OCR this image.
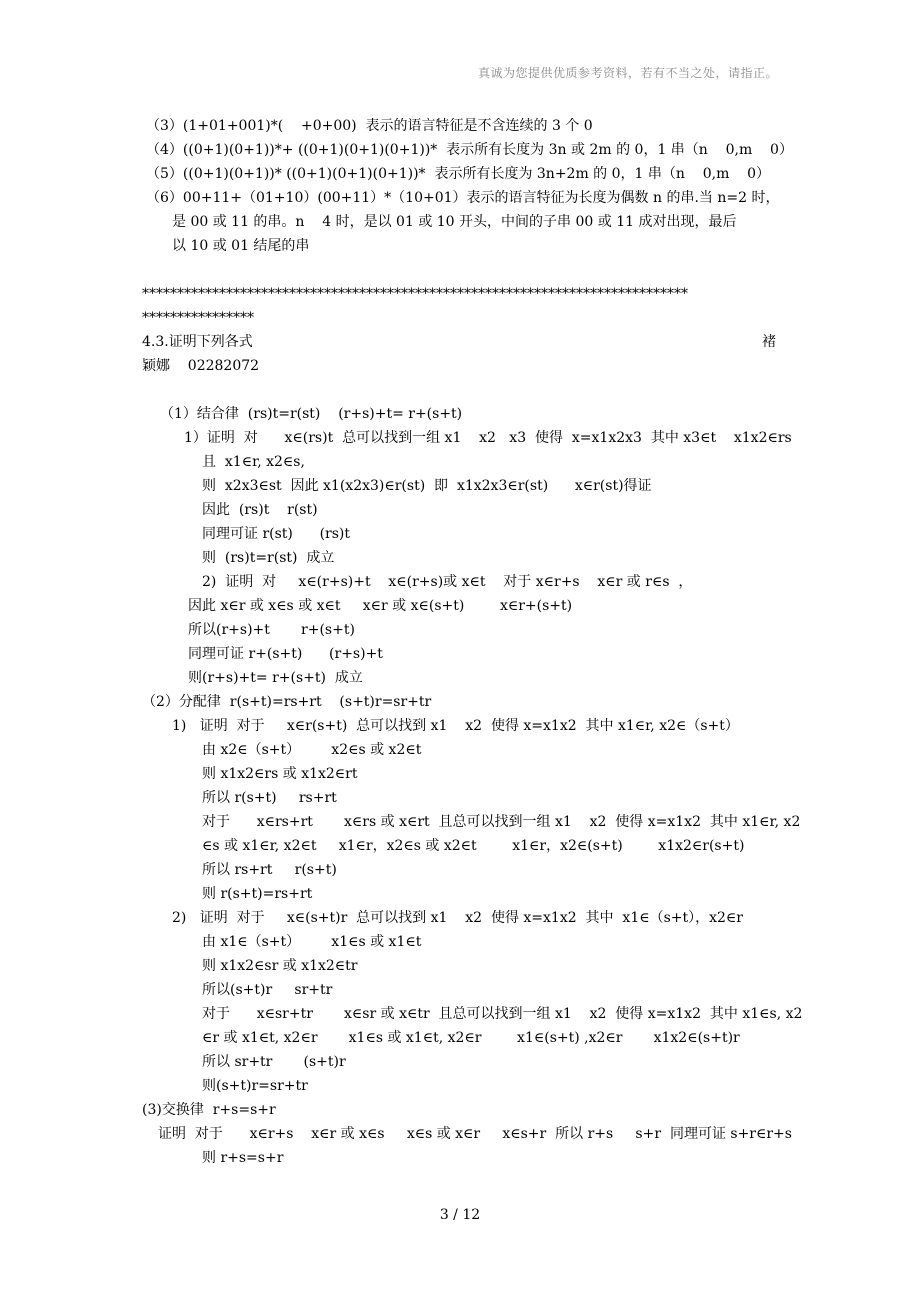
真诚为您提供优质参考资料，若有不当之处，请指正。
（3）(1+01+001)*(    +0+00)  表示的语言特征是不含连续的 3 个 0
（4）((0+1)(0+1))*+ ((0+1)(0+1)(0+1))*  表示所有长度为 3n 或 2m 的 0，1 串（n    0,m    0）
（5）((0+1)(0+1))* ((0+1)(0+1)(0+1))*  表示所有长度为 3n+2m 的 0，1 串（n    0,m    0）
（6）00+11+（01+10）(00+11）*（10+01）表示的语言特征为长度为偶数 n 的串.当 n=2 时，
是 00 或 11 的串。n    4 时，是以 01 或 10 开头，中间的子串 00 或 11 成对出现，最后
以 10 或 01 结尾的串
******************************************************************************
****************
4.3.证明下列各式	褚
颖娜    02282072
（1）结合律  (rs)t=r(st)    (r+s)+t= r+(s+t)
1）证明  对      x∈(rs)t  总可以找到一组 x1    x2   x3  使得  x=x1x2x3  其中 x3∈t    x1x2∈rs
且  x1∈r, x2∈s,
则  x2x3∈st  因此 x1(x2x3)∈r(st)  即  x1x2x3∈r(st)      x∈r(st)得证
因此  (rs)t    r(st)
同理可证 r(st)      (rs)t
则  (rs)t=r(st)  成立
2)  证明  对     x∈(r+s)+t    x∈(r+s)或 x∈t    对于 x∈r+s    x∈r 或 r∈s  ，
因此 x∈r 或 x∈s 或 x∈t     x∈r 或 x∈(s+t)        x∈r+(s+t)
所以(r+s)+t       r+(s+t)
同理可证 r+(s+t)      (r+s)+t
则(r+s)+t= r+(s+t)  成立
（2）分配律  r(s+t)=rs+rt    (s+t)r=sr+tr
1)   证明  对于     x∈r(s+t)  总可以找到 x1    x2  使得 x=x1x2  其中 x1∈r, x2∈（s+t）
由 x2∈（s+t）       x2∈s 或 x2∈t
则 x1x2∈rs 或 x1x2∈rt
所以 r(s+t)     rs+rt
对于      x∈rs+rt       x∈rs 或 x∈rt  且总可以找到一组 x1    x2  使得 x=x1x2  其中 x1∈r, x2
∈s 或 x1∈r, x2∈t     x1∈r，x2∈s 或 x2∈t        x1∈r，x2∈(s+t)        x1x2∈r(s+t)
所以 rs+rt     r(s+t)
则 r(s+t)=rs+rt
2)   证明  对于     x∈(s+t)r  总可以找到 x1    x2  使得 x=x1x2  其中  x1∈（s+t），x2∈r
由 x1∈（s+t）       x1∈s 或 x1∈t
则 x1x2∈sr 或 x1x2∈tr
所以(s+t)r     sr+tr
对于      x∈sr+tr       x∈sr 或 x∈tr  且总可以找到一组 x1    x2  使得 x=x1x2  其中 x1∈s, x2
∈r 或 x1∈t, x2∈r       x1∈s 或 x1∈t, x2∈r        x1∈(s+t) ,x2∈r       x1x2∈(s+t)r
所以 sr+tr       (s+t)r
则(s+t)r=sr+tr
(3)交换律  r+s=s+r
证明  对于      x∈r+s    x∈r 或 x∈s     x∈s 或 x∈r     x∈s+r  所以 r+s     s+r  同理可证 s+r∈r+s
则 r+s=s+r
3 / 12
